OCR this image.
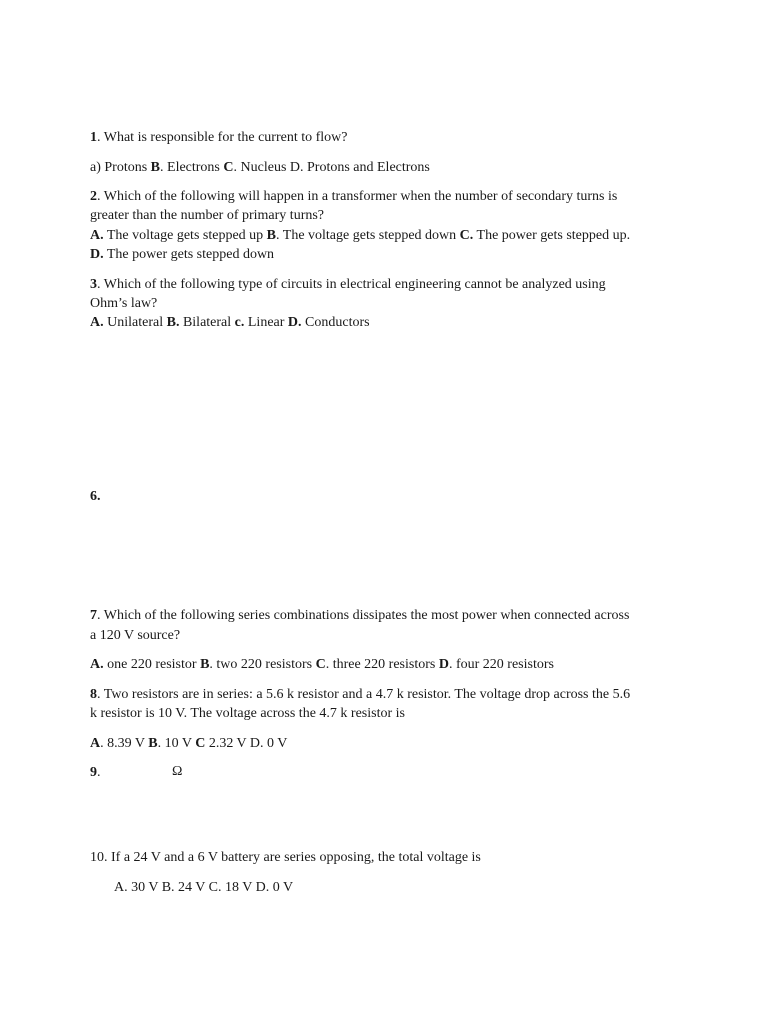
1. What is responsible for the current to flow?
a) Protons B. Electrons C. Nucleus D. Protons and Electrons
2. Which of the following will happen in a transformer when the number of secondary turns is
greater than the number of primary turns?
A. The voltage gets stepped up B. The voltage gets stepped down C. The power gets stepped up.
D. The power gets stepped down
3. Which of the following type of circuits in electrical engineering cannot be analyzed using
Ohm’s law?
A. Unilateral B. Bilateral c. Linear D. Conductors
6.
7. Which of the following series combinations dissipates the most power when connected across
a 120 V source?
A. one 220 resistor B. two 220 resistors C. three 220 resistors D. four 220 resistors
8. Two resistors are in series: a 5.6 k resistor and a 4.7 k resistor. The voltage drop across the 5.6
k resistor is 10 V. The voltage across the 4.7 k resistor is
A. 8.39 V B. 10 V C 2.32 V D. 0 V
9.	Ω
10. If a 24 V and a 6 V battery are series opposing, the total voltage is
A. 30 V B. 24 V C. 18 V D. 0 V
